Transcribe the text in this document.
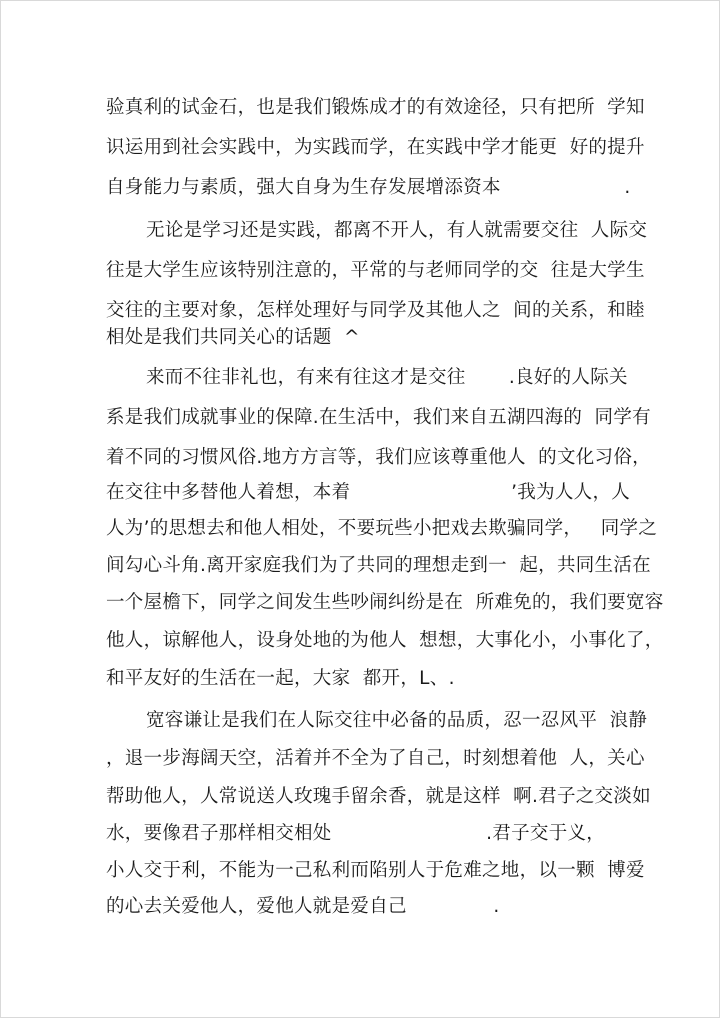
验真利的试金石，也是我们锻炼成才的有效途径，只有把所  学知
识运用到社会实践中，为实践而学，在实践中学才能更  好的提升
自身能力与素质，强大自身为生存发展增添资本                    .
无论是学习还是实践，都离不开人，有人就需要交往  人际交
往是大学生应该特别注意的，平常的与老师同学的交  往是大学生
交往的主要对象，怎样处理好与同学及其他人之  间的关系，和睦
相处是我们共同关心的话题  ^
来而不往非礼也，有来有往这才是交往       .良好的人际关
系是我们成就事业的保障.在生活中，我们来自五湖四海的  同学有
着不同的习惯风俗.地方方言等，我们应该尊重他人  的文化习俗，
在交往中多替他人着想，本着                          ’我为人人，人
人为’的思想去和他人相处，不要玩些小把戏去欺骗同学，   同学之
间勾心斗角.离开家庭我们为了共同的理想走到一  起，共同生活在
一个屋檐下，同学之间发生些吵闹纠纷是在  所难免的，我们要宽容
他人，谅解他人，设身处地的为他人  想想，大事化小，小事化了，
和平友好的生活在一起，大家  都开，L、.
宽容谦让是我们在人际交往中必备的品质，忍一忍风平  浪静
，退一步海阔天空，活着并不全为了自己，时刻想着他  人，关心
帮助他人，人常说送人玫瑰手留余香，就是这样  啊.君子之交淡如
水，要像君子那样相交相处                         .君子交于义，
小人交于利，不能为一己私利而陷别人于危难之地，以一颗  博爱
的心去关爱他人，爱他人就是爱自己              .
